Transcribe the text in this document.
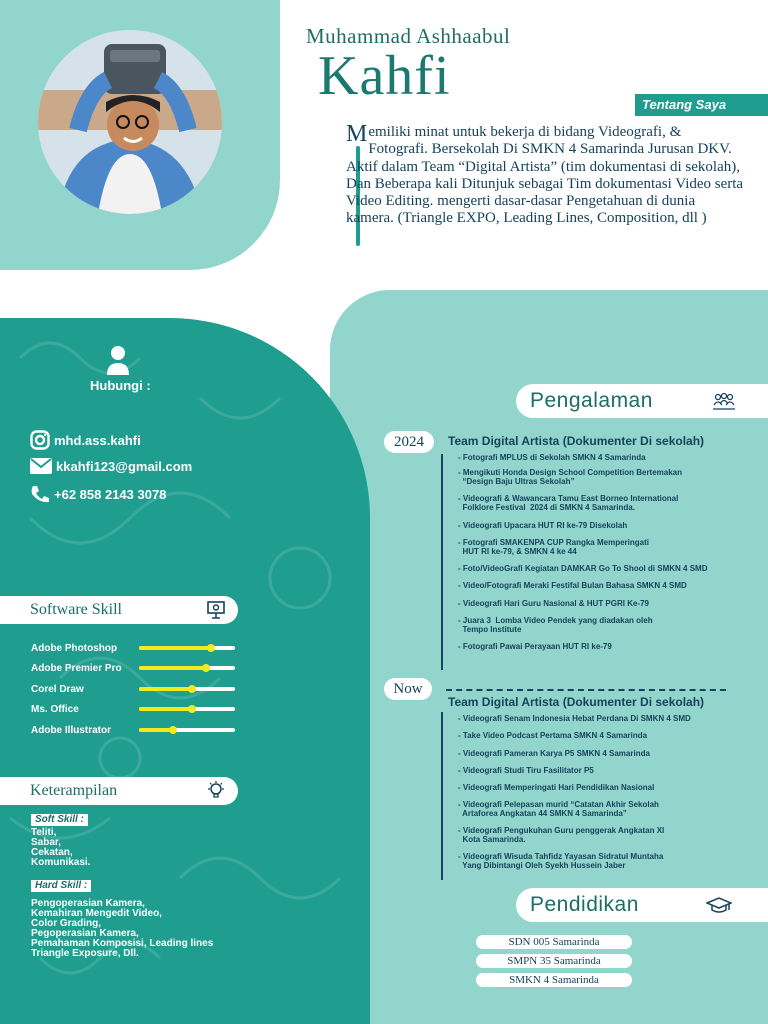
Muhammad Ashhaabul
Kahfi	Tentang Saya
Memiliki minat untuk bekerja di bidang Videografi, & Fotografi. Bersekolah Di SMKN 4 Samarinda Jurusan DKV. Aktif dalam Team “Digital Artista” (tim dokumentasi di sekolah), Dan Beberapa kali Ditunjuk sebagai Tim dokumentasi Video serta Video Editing. mengerti dasar-dasar Pengetahuan di dunia kamera. (Triangle EXPO, Leading Lines, Composition, dll )
Hubungi :
mhd.ass.kahfi
kkahfi123@gmail.com
+62 858 2143 3078
Software Skill
Adobe Photoshop
Adobe Premier Pro
Corel Draw
Ms. Office
Adobe Illustrator
Keterampilan
Soft Skill :
Teliti,
Sabar,
Cekatan,
Komunikasi.
Hard Skill :
Pengoperasian Kamera,
Kemahiran Mengedit Video,
Color Grading,
Pegoperasian Kamera,
Pemahaman Komposisi, Leading lines
Triangle Exposure, Dll.
Pengalaman
2024	Team Digital Artista (Dokumenter Di sekolah)

- Fotografi MPLUS di Sekolah SMKN 4 Samarinda

- Mengikuti Honda Design School Competition Bertemakan
“Design Baju Ultras Sekolah”

- Videografi & Wawancara Tamu East Borneo International
Folklore Festival  2024 di SMKN 4 Samarinda.

- Videografi Upacara HUT RI ke-79 Disekolah

- Fotografi SMAKENPA CUP Rangka Memperingati
HUT RI ke-79, & SMKN 4 ke 44

- Foto/VideoGrafi Kegiatan DAMKAR Go To Shool di SMKN 4 SMD

- Video/Fotografi Meraki Festifal Bulan Bahasa SMKN 4 SMD

- Videografi Hari Guru Nasional & HUT PGRI Ke-79

- Juara 3  Lomba Video Pendek yang diadakan oleh
Tempo Institute

- Fotografi Pawai Perayaan HUT RI ke-79

Now
Team Digital Artista (Dokumenter Di sekolah)

- Videografi Senam Indonesia Hebat Perdana Di SMKN 4 SMD

- Take Video Podcast Pertama SMKN 4 Samarinda

- Videografi Pameran Karya P5 SMKN 4 Samarinda

- Videografi Studi Tiru Fasilitator P5

- Videografi Memperingati Hari Pendidikan Nasional

- Videografi Pelepasan murid “Catatan Akhir Sekolah
Artaforea Angkatan 44 SMKN 4 Samarinda”

- Videografi Pengukuhan Guru penggerak Angkatan XI
Kota Samarinda.

- Videografi Wisuda Tahfidz Yayasan Sidratul Muntaha
Yang Dibintangi Oleh Syekh Hussein Jaber

Pendidikan
SDN 005 Samarinda
SMPN 35 Samarinda
SMKN 4 Samarinda
